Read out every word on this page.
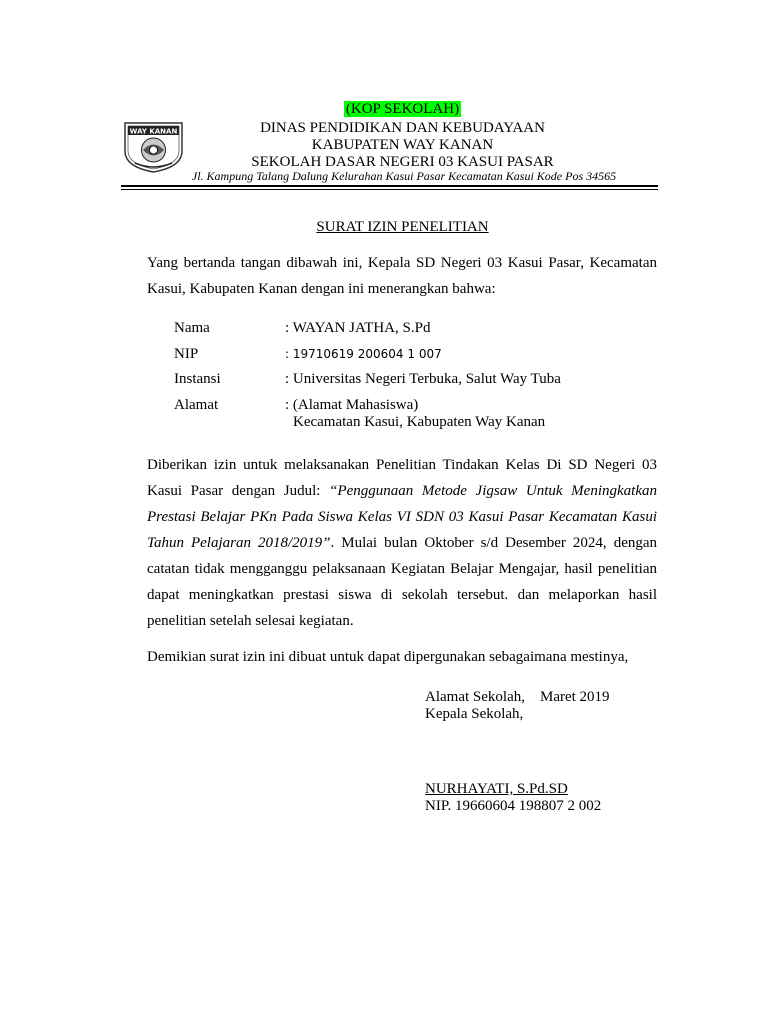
WAY KANAN
(KOP SEKOLAH)
DINAS PENDIDIKAN DAN KEBUDAYAAN
KABUPATEN WAY KANAN
SEKOLAH DASAR NEGERI 03 KASUI PASAR
Jl. Kampung Talang Dalung Kelurahan Kasui Pasar Kecamatan Kasui Kode Pos 34565
SURAT IZIN PENELITIAN

Yang bertanda tangan dibawah ini, Kepala SD Negeri 03 Kasui Pasar, Kecamatan Kasui, Kabupaten Kanan dengan ini menerangkan bahwa:

Nama	: WAYAN JATHA, S.Pd
NIP	: 19710619 200604 1 007
Instansi	: Universitas Negeri Terbuka, Salut Way Tuba
Alamat	: (Alamat Mahasiswa)
Kecamatan Kasui, Kabupaten Way Kanan

Diberikan izin untuk melaksanakan Penelitian Tindakan Kelas Di SD Negeri 03 Kasui Pasar dengan Judul: “Penggunaan Metode Jigsaw Untuk Meningkatkan Prestasi Belajar PKn Pada Siswa Kelas VI SDN 03 Kasui Pasar Kecamatan Kasui Tahun Pelajaran 2018/2019”. Mulai bulan Oktober s/d Desember 2024, dengan catatan tidak mengganggu pelaksanaan Kegiatan Belajar Mengajar, hasil penelitian dapat meningkatkan prestasi siswa di sekolah tersebut. dan melaporkan hasil penelitian setelah selesai kegiatan.

Demikian surat izin ini dibuat untuk dapat dipergunakan sebagaimana mestinya,

Alamat Sekolah,    Maret 2019
Kepala Sekolah,
NURHAYATI, S.Pd.SD
NIP. 19660604 198807 2 002
